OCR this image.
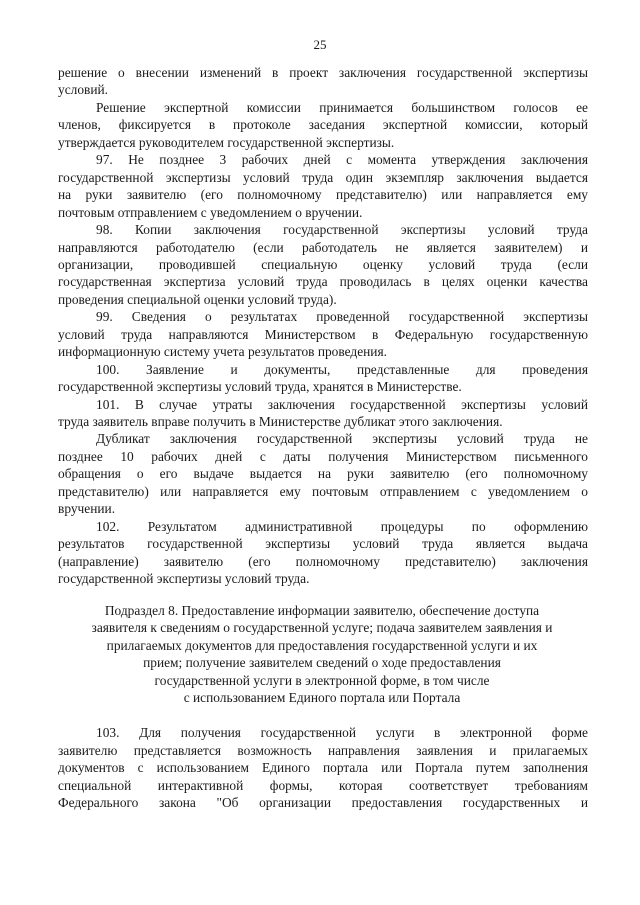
25
решение о внесении изменений в проект заключения государственной экспертизы
условий.
Решение экспертной комиссии принимается большинством голосов ее
членов, фиксируется в протоколе заседания экспертной комиссии, который
утверждается руководителем государственной экспертизы.
97. Не позднее 3 рабочих дней с момента утверждения заключения
государственной экспертизы условий труда один экземпляр заключения выдается
на руки заявителю (его полномочному представителю) или направляется ему
почтовым отправлением с уведомлением о вручении.
98. Копии заключения государственной экспертизы условий труда
направляются работодателю (если работодатель не является заявителем) и
организации, проводившей специальную оценку условий труда (если
государственная экспертиза условий труда проводилась в целях оценки качества
проведения специальной оценки условий труда).
99. Сведения о результатах проведенной государственной экспертизы
условий труда направляются Министерством в Федеральную государственную
информационную систему учета результатов проведения.
100. Заявление и документы, представленные для проведения
государственной экспертизы условий труда, хранятся в Министерстве.
101. В случае утраты заключения государственной экспертизы условий
труда заявитель вправе получить в Министерстве дубликат этого заключения.
Дубликат заключения государственной экспертизы условий труда не
позднее 10 рабочих дней с даты получения Министерством письменного
обращения о его выдаче выдается на руки заявителю (его полномочному
представителю) или направляется ему почтовым отправлением с уведомлением о
вручении.
102. Результатом административной процедуры по оформлению
результатов государственной экспертизы условий труда является выдача
(направление) заявителю (его полномочному представителю) заключения
государственной экспертизы условий труда.
Подраздел 8. Предоставление информации заявителю, обеспечение доступа
заявителя к сведениям о государственной услуге; подача заявителем заявления и
прилагаемых документов для предоставления государственной услуги и их
прием; получение заявителем сведений о ходе предоставления
государственной услуги в электронной форме, в том числе
с использованием Единого портала или Портала
103. Для получения государственной услуги в электронной форме
заявителю представляется возможность направления заявления и прилагаемых
документов с использованием Единого портала или Портала путем заполнения
специальной интерактивной формы, которая соответствует требованиям
Федерального закона "Об организации предоставления государственных и
